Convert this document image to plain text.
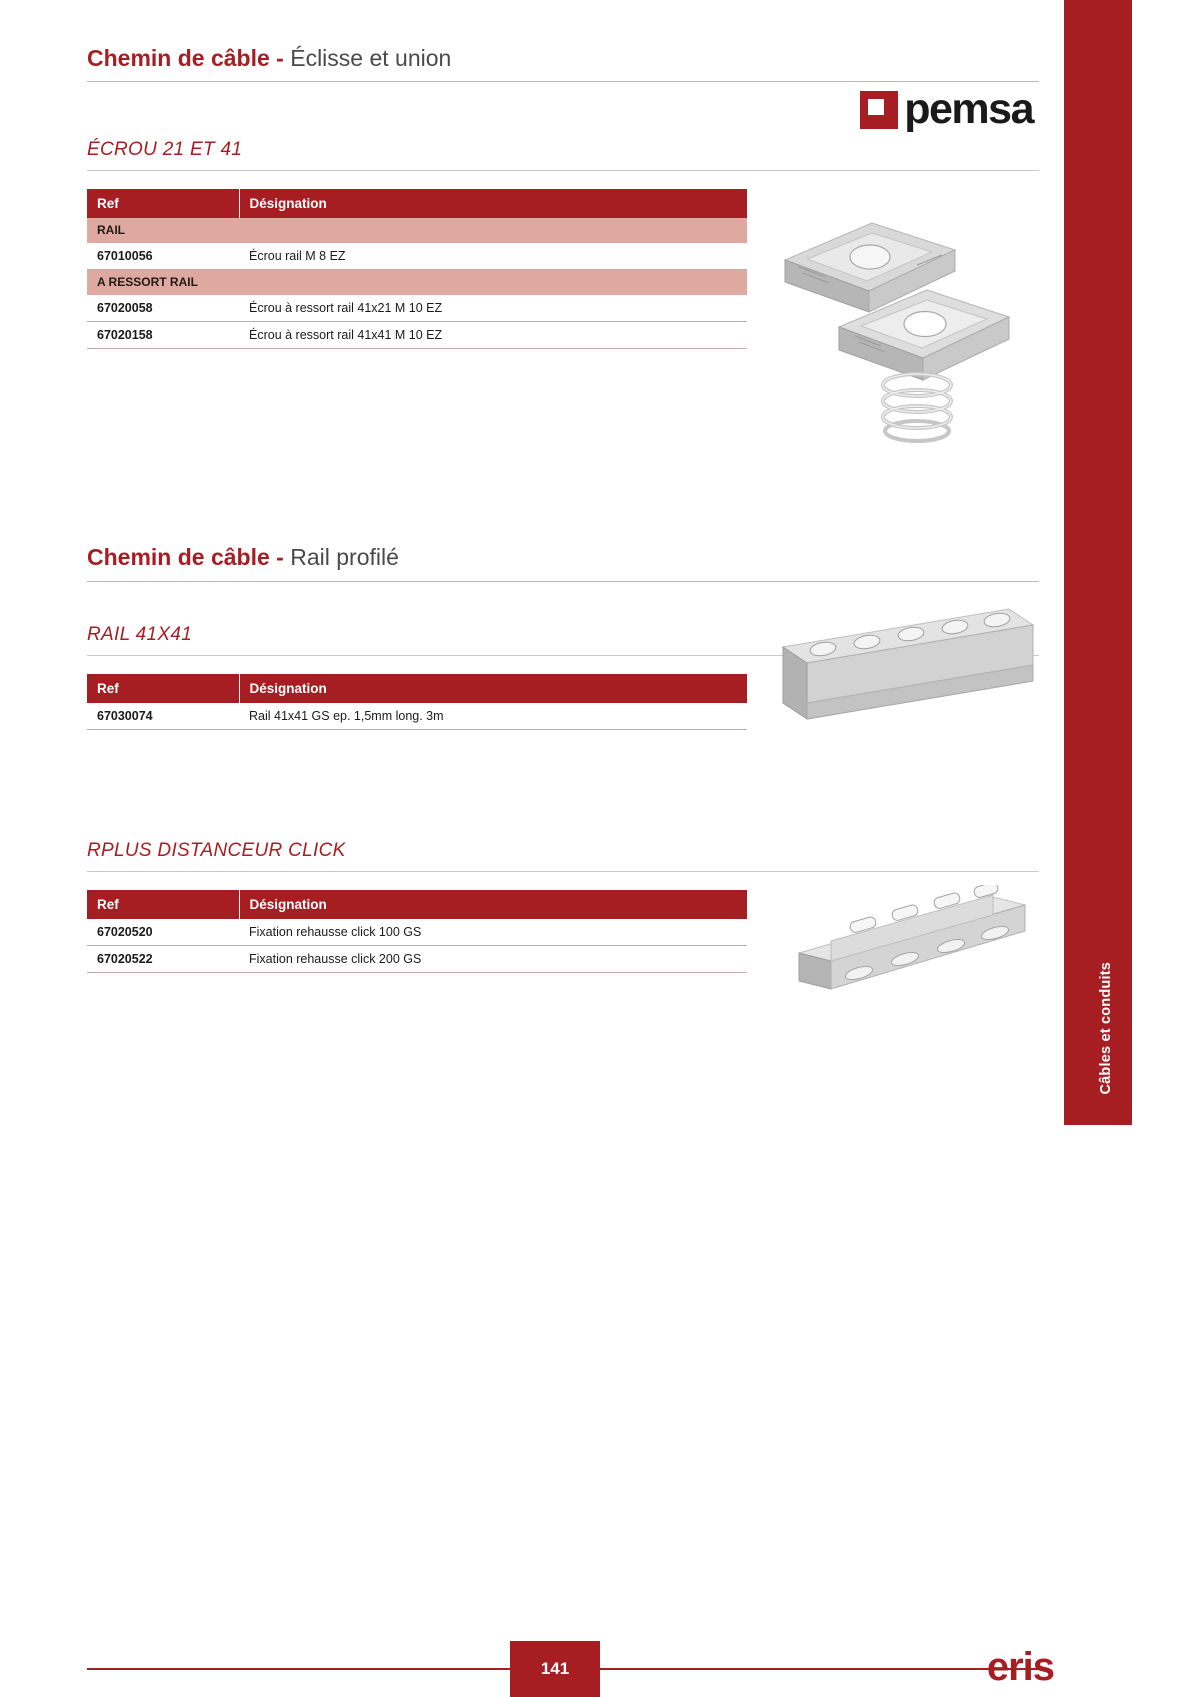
Câbles et conduits
Chemin de câble - Éclisse et union
pemsa
ÉCROU 21 ET 41
Ref	Désignation
RAIL	
67010056	Écrou rail M 8 EZ
A RESSORT RAIL	
67020058	Écrou à ressort rail 41x21 M 10 EZ
67020158	Écrou à ressort rail 41x41 M 10 EZ
Chemin de câble - Rail profilé
RAIL 41X41
Ref	Désignation
67030074	Rail 41x41 GS ep. 1,5mm long. 3m
RPLUS DISTANCEUR CLICK
Ref	Désignation
67020520	Fixation rehausse click 100 GS
67020522	Fixation rehausse click 200 GS
141	eris
